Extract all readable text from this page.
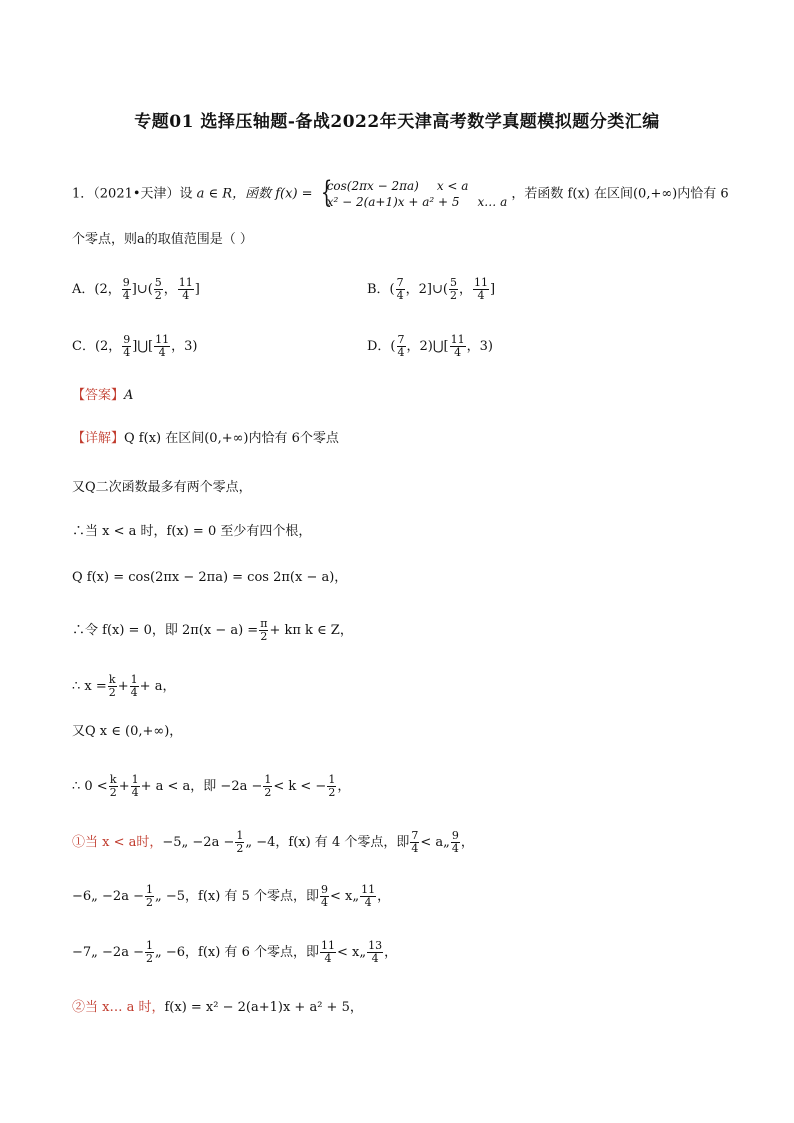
专题01 选择压轴题-备战2022年天津高考数学真题模拟题分类汇编
1．（2021•天津）设 a ∈ R，函数 f(x) = {
cos(2πx − 2πa) x < a
x² − 2(a+1)x + a² + 5 x… a
，若函数 f(x) 在区间(0,+∞)内恰有 6
个零点，则a的取值范围是（ ）
A．(2， $\frac{9}{4}$ ]∪( $\frac{5}{2}$ ， $\frac{11}{4}$ ]	B．( $\frac{7}{4}$ ，2]∪( $\frac{5}{2}$ ， $\frac{11}{4}$ ]
C．(2， $\frac{9}{4}$ ]⋃[ $\frac{11}{4}$ ，3)	D．( $\frac{7}{4}$ ，2)⋃[ $\frac{11}{4}$ ，3)
【答案】A
【详解】Q f(x) 在区间(0,+∞)内恰有 6个零点
又Q二次函数最多有两个零点，
∴当 x < a 时，f(x) = 0 至少有四个根，
Q f(x) = cos(2πx − 2πa) = cos 2π(x − a)，
∴令 f(x) = 0，即 $2\pi(x - a) = \frac{\pi}{2} + k\pi$ k ∈ Z，
∴ $x = \frac{k}{2} + \frac{1}{4} + a$，
又Q x ∈ (0,+∞)，
∴ $0 < \frac{k}{2} + \frac{1}{4} + a < a$，即 $-2a - \frac{1}{2} < k$ < − $\frac{1}{2}$ ，
①当 x < a时，−5„ $-2a - \frac{1}{2}$ „ −4，f(x) 有 4 个零点，即 $\frac{7}{4}$ < a„ $\frac{9}{4}$ ，
−6„ $-2a - \frac{1}{2}$ „ −5，f(x) 有 5 个零点，即 $\frac{9}{4}$ < x„ $\frac{11}{4}$ ，
−7„ $-2a - \frac{1}{2}$ „ −6，f(x) 有 6 个零点，即 $\frac{11}{4}$ < x„ $\frac{13}{4}$ ，
②当 x… a 时，f(x) = x² − 2(a+1)x + a² + 5，
